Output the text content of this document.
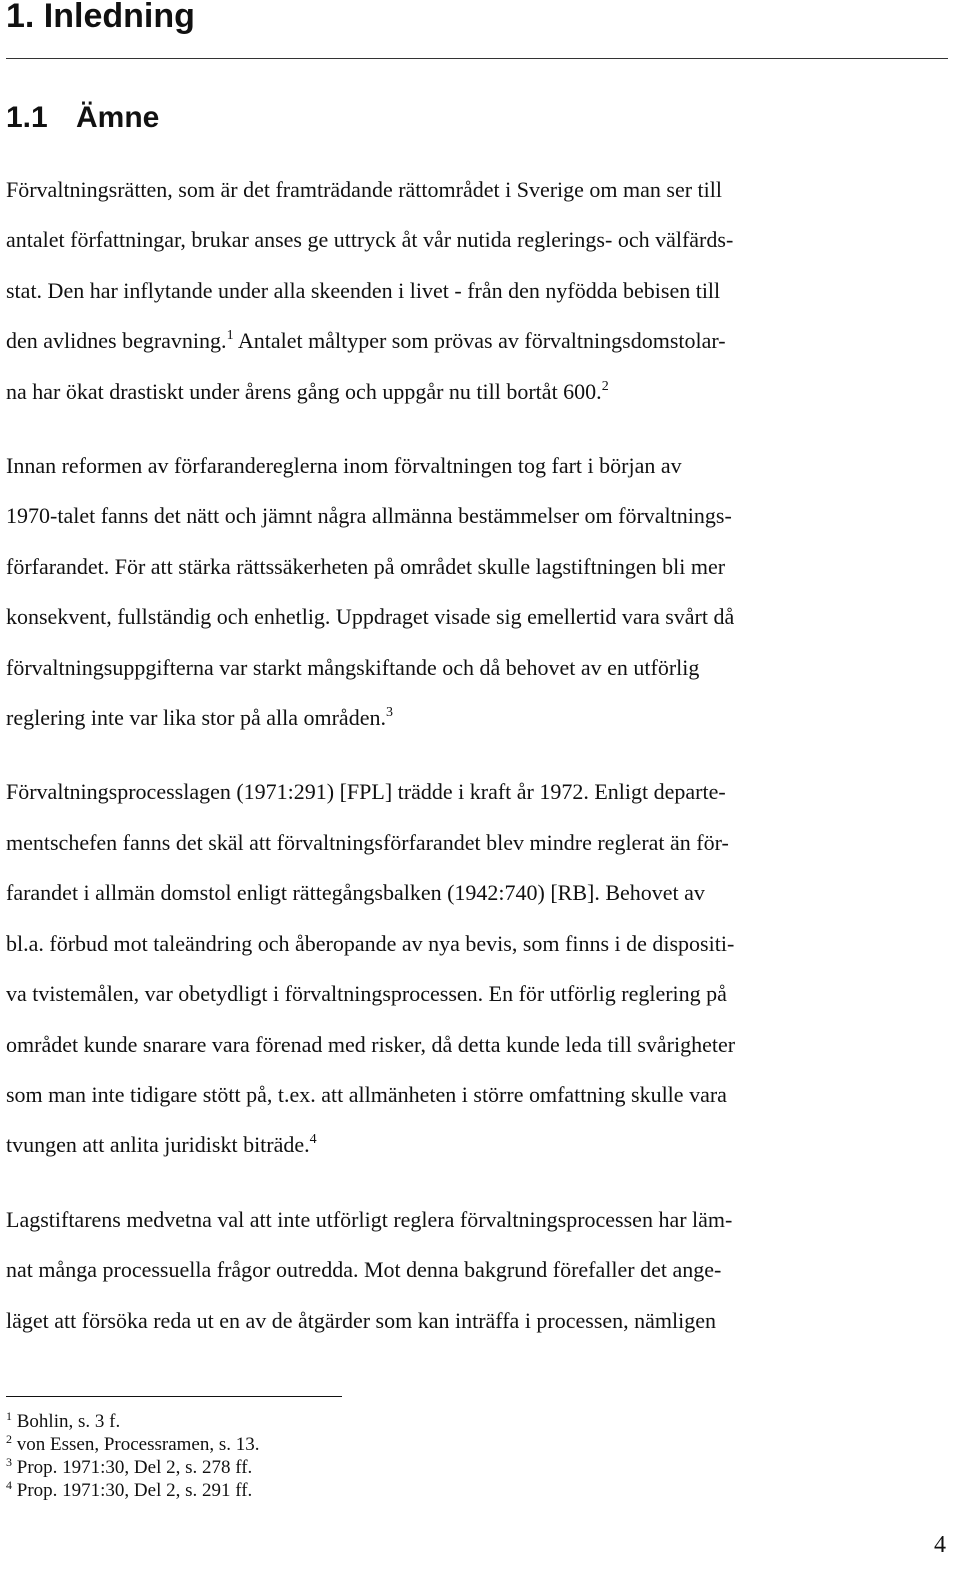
1. Inledning
1.1 Ämne

Förvaltningsrätten, som är det framträdande rättområdet i Sverige om man ser till
antalet författningar, brukar anses ge uttryck åt vår nutida reglerings- och välfärds-
stat. Den har inflytande under alla skeenden i livet - från den nyfödda bebisen till
den avlidnes begravning.$^1$ Antalet måltyper som prövas av förvaltningsdomstolar-
na har ökat drastiskt under årens gång och uppgår nu till bortåt 600.$^2$

Innan reformen av förfarandereglerna inom förvaltningen tog fart i början av
1970-talet fanns det nätt och jämnt några allmänna bestämmelser om förvaltnings-
förfarandet. För att stärka rättssäkerheten på området skulle lagstiftningen bli mer
konsekvent, fullständig och enhetlig. Uppdraget visade sig emellertid vara svårt då
förvaltningsuppgifterna var starkt mångskiftande och då behovet av en utförlig
reglering inte var lika stor på alla områden.$^3$

Förvaltningsprocesslagen (1971:291) [FPL] trädde i kraft år 1972. Enligt departe-
mentschefen fanns det skäl att förvaltningsförfarandet blev mindre reglerat än för-
farandet i allmän domstol enligt rättegångsbalken (1942:740) [RB]. Behovet av
bl.a. förbud mot taleändring och åberopande av nya bevis, som finns i de dispositi-
va tvistemålen, var obetydligt i förvaltningsprocessen. En för utförlig reglering på
området kunde snarare vara förenad med risker, då detta kunde leda till svårigheter
som man inte tidigare stött på, t.ex. att allmänheten i större omfattning skulle vara
tvungen att anlita juridiskt biträde.$^4$

Lagstiftarens medvetna val att inte utförligt reglera förvaltningsprocessen har läm-
nat många processuella frågor outredda. Mot denna bakgrund förefaller det ange-
läget att försöka reda ut en av de åtgärder som kan inträffa i processen, nämligen

$^1$ Bohlin, s. 3 f.
$^2$ von Essen, Processramen, s. 13.
$^3$ Prop. 1971:30, Del 2, s. 278 ff.
$^4$ Prop. 1971:30, Del 2, s. 291 ff.
4
